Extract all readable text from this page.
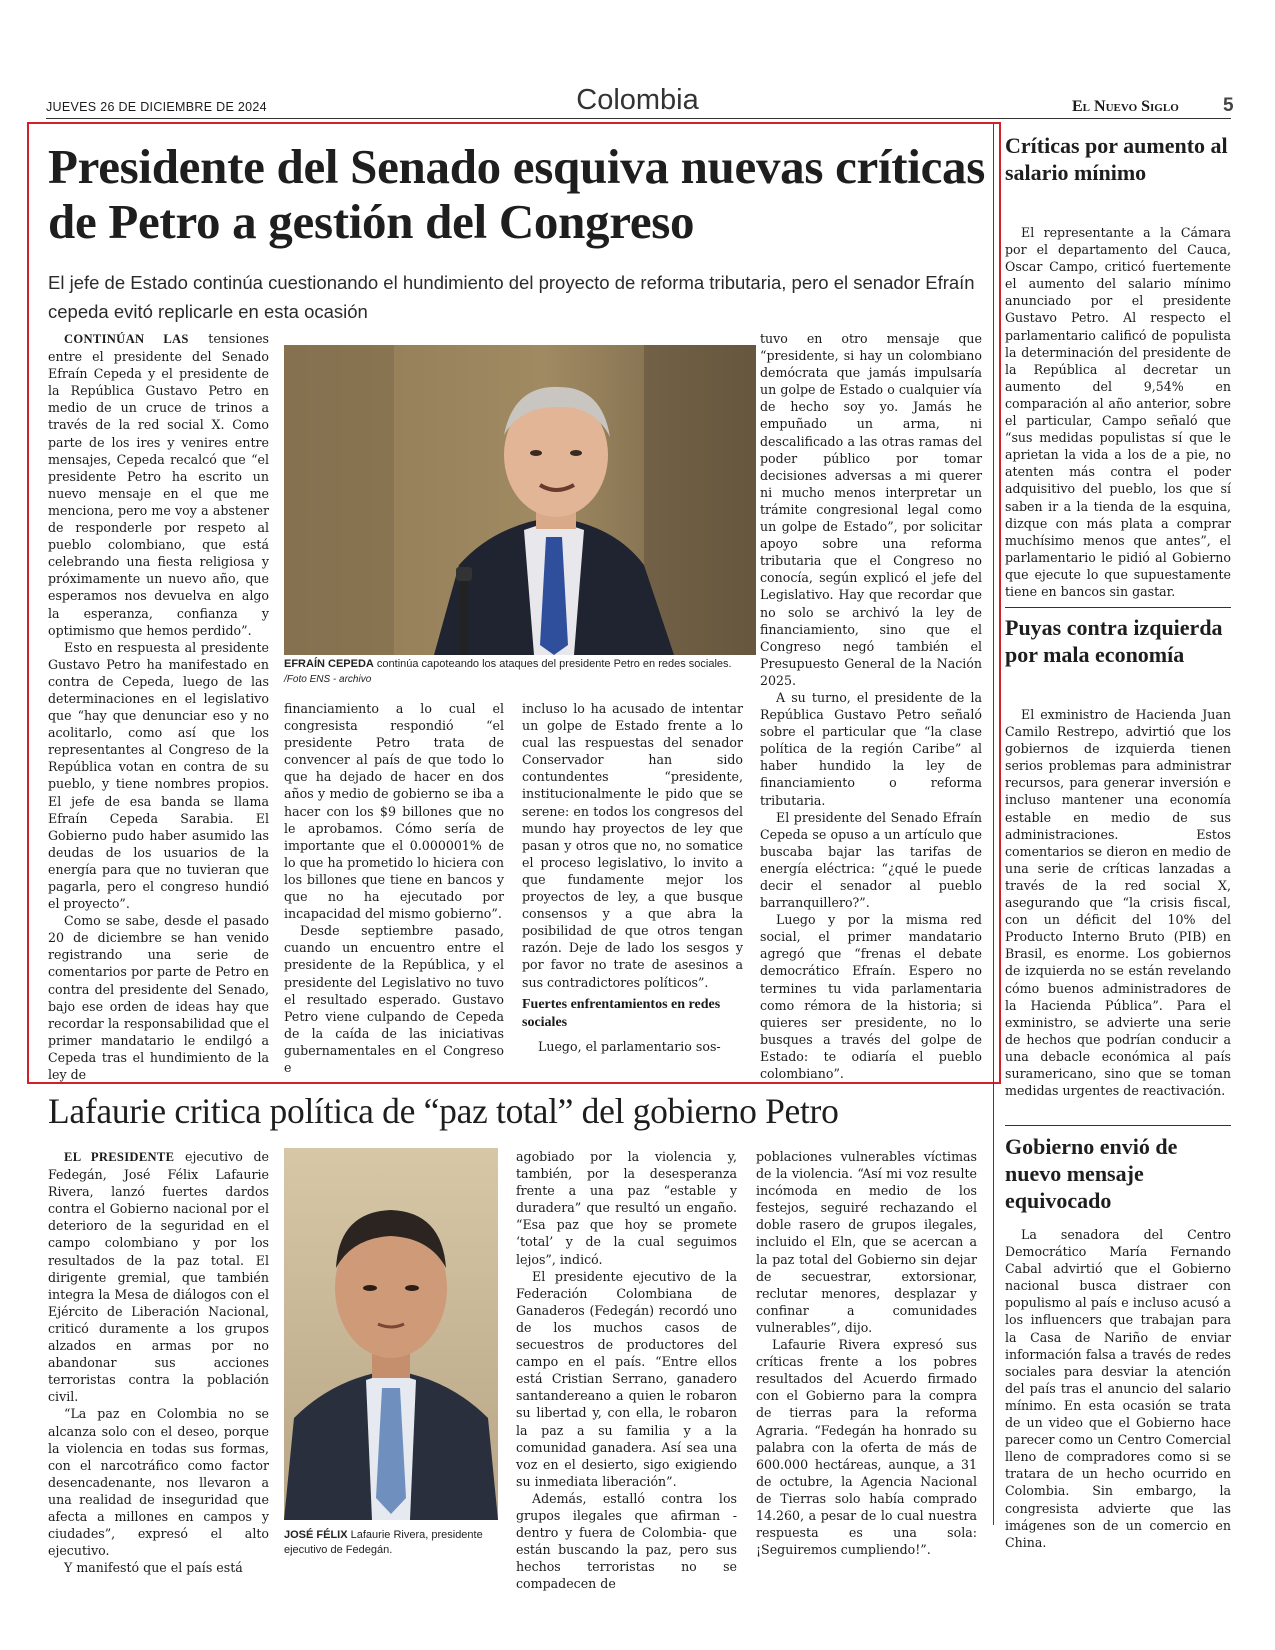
JUEVES 26 DE DICIEMBRE DE 2024	Colombia	El Nuevo Siglo 5
Presidente del Senado esquiva nuevas críticas de Petro a gestión del Congreso
El jefe de Estado continúa cuestionando el hundimiento del proyecto de reforma tributaria, pero el senador Efraín cepeda evitó replicarle en esta ocasión

CONTINÚAN LAS tensiones entre el presidente del Senado Efraín Cepeda y el presidente de la República Gustavo Petro en medio de un cruce de trinos a través de la red social X. Como parte de los ires y venires entre mensajes, Cepeda recalcó que “el presidente Petro ha escrito un nuevo mensaje en el que me menciona, pero me voy a abstener de responderle por respeto al pueblo colombiano, que está celebrando una fiesta religiosa y próximamente un nuevo año, que esperamos nos devuelva en algo la esperanza, confianza y optimismo que hemos perdido”.

Esto en respuesta al presidente Gustavo Petro ha manifestado en contra de Cepeda, luego de las determinaciones en el legislativo que “hay que denunciar eso y no acolitarlo, como así que los representantes al Congreso de la República votan en contra de su pueblo, y tiene nombres propios. El jefe de esa banda se llama Efraín Cepeda Sarabia. El Gobierno pudo haber asumido las deudas de los usuarios de la energía para que no tuvieran que pagarla, pero el congreso hundió el proyecto”.

Como se sabe, desde el pasado 20 de diciembre se han venido registrando una serie de comentarios por parte de Petro en contra del presidente del Senado, bajo ese orden de ideas hay que recordar la responsabilidad que el primer mandatario le endilgó a Cepeda tras el hundimiento de la ley de

EFRAÍN CEPEDA continúa capoteando los ataques del presidente Petro en redes sociales. /Foto ENS - archivo

financiamiento a lo cual el congresista respondió “el presidente Petro trata de convencer al país de que todo lo que ha dejado de hacer en dos años y medio de gobierno se iba a hacer con los $9 billones que no le aprobamos. Cómo sería de importante que el 0.000001% de lo que ha prometido lo hiciera con los billones que tiene en bancos y que no ha ejecutado por incapacidad del mismo gobierno”.

Desde septiembre pasado, cuando un encuentro entre el presidente de la República, y el presidente del Legislativo no tuvo el resultado esperado. Gustavo Petro viene culpando de Cepeda de la caída de las iniciativas gubernamentales en el Congreso e

incluso lo ha acusado de intentar un golpe de Estado frente a lo cual las respuestas del senador Conservador han sido contundentes “presidente, institucionalmente le pido que se serene: en todos los congresos del mundo hay proyectos de ley que pasan y otros que no, no somatice el proceso legislativo, lo invito a que fundamente mejor los proyectos de ley, a que busque consensos y a que abra la posibilidad de que otros tengan razón. Deje de lado los sesgos y por favor no trate de asesinos a sus contradictores políticos”.

Fuertes enfrentamientos en redes sociales

Luego, el parlamentario sos-

tuvo en otro mensaje que “presidente, si hay un colombiano demócrata que jamás impulsaría un golpe de Estado o cualquier vía de hecho soy yo. Jamás he empuñado un arma, ni descalificado a las otras ramas del poder público por tomar decisiones adversas a mi querer ni mucho menos interpretar un trámite congresional legal como un golpe de Estado”, por solicitar apoyo sobre una reforma tributaria que el Congreso no conocía, según explicó el jefe del Legislativo. Hay que recordar que no solo se archivó la ley de financiamiento, sino que el Congreso negó también el Presupuesto General de la Nación 2025.

A su turno, el presidente de la República Gustavo Petro señaló sobre el particular que “la clase política de la región Caribe” al haber hundido la ley de financiamiento o reforma tributaria.

El presidente del Senado Efraín Cepeda se opuso a un artículo que buscaba bajar las tarifas de energía eléctrica: “¿qué le puede decir el senador al pueblo barranquillero?”.

Luego y por la misma red social, el primer mandatario agregó que “frenas el debate democrático Efraín. Espero no termines tu vida parlamentaria como rémora de la historia; si quieres ser presidente, no lo busques a través del golpe de Estado: te odiaría el pueblo colombiano”.

Críticas por aumento al salario mínimo

El representante a la Cámara por el departamento del Cauca, Oscar Campo, criticó fuertemente el aumento del salario mínimo anunciado por el presidente Gustavo Petro. Al respecto el parlamentario calificó de populista la determinación del presidente de la República al decretar un aumento del 9,54% en comparación al año anterior, sobre el particular, Campo señaló que “sus medidas populistas sí que le aprietan la vida a los de a pie, no atenten más contra el poder adquisitivo del pueblo, los que sí saben ir a la tienda de la esquina, dizque con más plata a comprar muchísimo menos que antes”, el parlamentario le pidió al Gobierno que ejecute lo que supuestamente tiene en bancos sin gastar.

Puyas contra izquierda por mala economía

El exministro de Hacienda Juan Camilo Restrepo, advirtió que los gobiernos de izquierda tienen serios problemas para administrar recursos, para generar inversión e incluso mantener una economía estable en medio de sus administraciones. Estos comentarios se dieron en medio de una serie de críticas lanzadas a través de la red social X, asegurando que “la crisis fiscal, con un déficit del 10% del Producto Interno Bruto (PIB) en Brasil, es enorme. Los gobiernos de izquierda no se están revelando cómo buenos administradores de la Hacienda Pública”. Para el exministro, se advierte una serie de hechos que podrían conducir a una debacle económica al país suramericano, sino que se toman medidas urgentes de reactivación.

Gobierno envió de nuevo mensaje equivocado

La senadora del Centro Democrático María Fernando Cabal advirtió que el Gobierno nacional busca distraer con populismo al país e incluso acusó a los influencers que trabajan para la Casa de Nariño de enviar información falsa a través de redes sociales para desviar la atención del país tras el anuncio del salario mínimo. En esta ocasión se trata de un video que el Gobierno hace parecer como un Centro Comercial lleno de compradores como si se tratara de un hecho ocurrido en Colombia. Sin embargo, la congresista advierte que las imágenes son de un comercio en China.

Lafaurie critica política de “paz total” del gobierno Petro

EL PRESIDENTE ejecutivo de Fedegán, José Félix Lafaurie Rivera, lanzó fuertes dardos contra el Gobierno nacional por el deterioro de la seguridad en el campo colombiano y por los resultados de la paz total. El dirigente gremial, que también integra la Mesa de diálogos con el Ejército de Liberación Nacional, criticó duramente a los grupos alzados en armas por no abandonar sus acciones terroristas contra la población civil.

“La paz en Colombia no se alcanza solo con el deseo, porque la violencia en todas sus formas, con el narcotráfico como factor desencadenante, nos llevaron a una realidad de inseguridad que afecta a millones en campos y ciudades”, expresó el alto ejecutivo.

Y manifestó que el país está

JOSÉ FÉLIX Lafaurie Rivera, presidente ejecutivo de Fedegán.

agobiado por la violencia y, también, por la desesperanza frente a una paz “estable y duradera” que resultó un engaño. “Esa paz que hoy se promete ‘total’ y de la cual seguimos lejos”, indicó.

El presidente ejecutivo de la Federación Colombiana de Ganaderos (Fedegán) recordó uno de los muchos casos de secuestros de productores del campo en el país. “Entre ellos está Cristian Serrano, ganadero santandereano a quien le robaron su libertad y, con ella, le robaron la paz a su familia y a la comunidad ganadera. Así sea una voz en el desierto, sigo exigiendo su inmediata liberación”.

Además, estalló contra los grupos ilegales que afirman -dentro y fuera de Colombia- que están buscando la paz, pero sus hechos terroristas no se compadecen de

poblaciones vulnerables víctimas de la violencia. “Así mi voz resulte incómoda en medio de los festejos, seguiré rechazando el doble rasero de grupos ilegales, incluido el Eln, que se acercan a la paz total del Gobierno sin dejar de secuestrar, extorsionar, reclutar menores, desplazar y confinar a comunidades vulnerables”, dijo.

Lafaurie Rivera expresó sus críticas frente a los pobres resultados del Acuerdo firmado con el Gobierno para la compra de tierras para la reforma Agraria. “Fedegán ha honrado su palabra con la oferta de más de 600.000 hectáreas, aunque, a 31 de octubre, la Agencia Nacional de Tierras solo había comprado 14.260, a pesar de lo cual nuestra respuesta es una sola: ¡Seguiremos cumpliendo!”.
